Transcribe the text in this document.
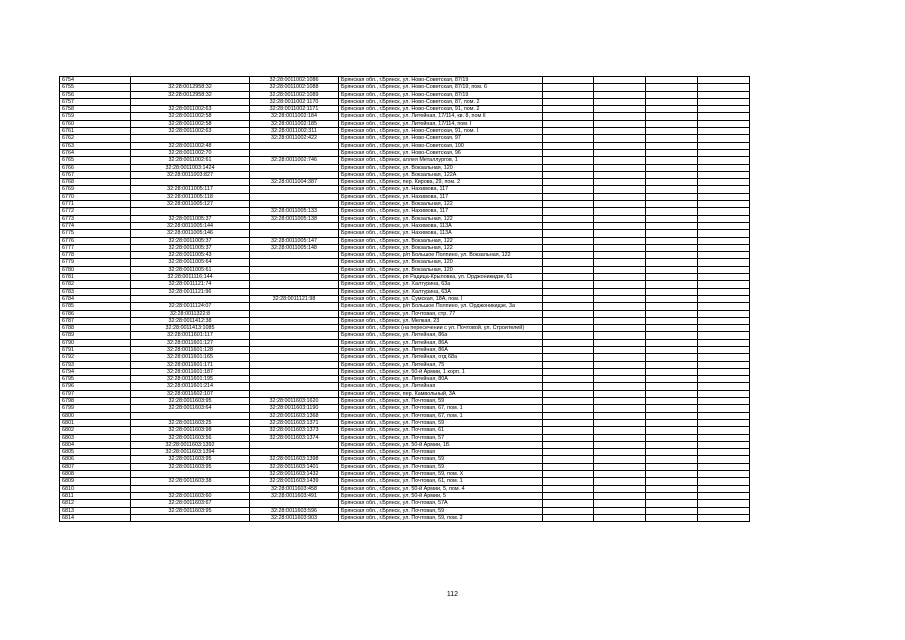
6754		32:28:0011002:1086	Брянская обл., г.Брянск, ул. Ново-Советская, 87/19				
6755	32:28:0012958:32	32:28:0011002:1088	Брянская обл., г.Брянск, ул. Ново-Советская, 87/19, пом. 6				
6756	32:28:0012958:32	32:28:0011002:1089	Брянская обл., г.Брянск, ул. Ново-Советская, 87/19				
6757		32:28:0011002:1170	Брянская обл., г.Брянск, ул. Ново-Советская, 87, пом. 2				
6758	32:28:0011002:63	32:28:0011002:1171	Брянская обл., г.Брянск, ул. Ново-Советская, 91, пом. 2				
6759	32:28:0011002:58	32:28:0011002:184	Брянская обл., г.Брянск, ул. Литейная, 17/114, кв. 8, пом II				
6760	32:28:0011002:58	32:28:0011002:185	Брянская обл., г.Брянск, ул. Литейная, 17/114, пом. I				
6761	32:28:0011002:63	32:28:0011002:311	Брянская обл., г.Брянск, ул. Ново-Советская, 91, пом. I				
6762		32:28:0011002:422	Брянская обл., г.Брянск, ул. Ново-Советская, 97				
6763	32:28:0011002:48		Брянская обл., г.Брянск, ул. Ново-Советская, 100				
6764	32:28:0011002:70		Брянская обл., г.Брянск, ул. Ново-Советская, 96				
6765	32:28:0011002:61	32:28:0011002:746	Брянская обл., г.Брянск, аллея Металлургов, 1				
6766	32:28:0011003:1424		Брянская обл., г.Брянск, ул. Вокзальная, 120				
6767	32:28:0011003:827		Брянская обл., г.Брянск, ул. Вокзальная, 122А				
6768		32:28:0011004:387	Брянская обл., г.Брянск, пер. Кирова, 29, пом. 2				
6769	32:28:0011005:117		Брянская обл., г.Брянск, ул. Нахимова, 117				
6770	32:28:0011005:118		Брянская обл., г.Брянск, ул. Нахимова, 117				
6771	32:28:0011005:127		Брянская обл., г.Брянск, ул. Вокзальная, 122				
6772		32:28:0011005:133	Брянская обл., г.Брянск, ул. Нахимова, 117				
6773	32:28:0011005:37	32:28:0011005:138	Брянская обл., г.Брянск, ул. Вокзальная, 122				
6774	32:28:0011005:144		Брянская обл., г.Брянск, ул. Нахимова, 113А				
6775	32:28:0011005:146		Брянская обл., г.Брянск, ул. Нахимова, 113А				
6776	32:28:0011005:37	32:28:0011005:147	Брянская обл., г.Брянск, ул. Вокзальная, 122				
6777	32:28:0011005:37	32:28:0011005:148	Брянская обл., г.Брянск, ул. Вокзальная, 122				
6778	32:28:0011005:43		Брянская обл., г.Брянск, р/п Большое Полпино, ул. Вокзальная, 122				
6779	32:28:0011005:64		Брянская обл., г.Брянск, ул. Вокзальная, 120				
6780	32:28:0011005:61		Брянская обл., г.Брянск, ул. Вокзальная, 120				
6781	32:28:0011116:144		Брянская обл., г.Брянск, рп Радица-Крыловка, ул. Орджоникидзе, 61				
6782	32:28:0011121:74		Брянская обл., г.Брянск, ул. Халтурина, 63а				
6783	32:28:0011121:96		Брянская обл., г.Брянск, ул. Халтурина, 63А				
6784		32:28:0011121:98	Брянская обл., г.Брянск, ул. Сумская, 18А, пом. I				
6785	32:28:0011124:07		Брянская обл., г.Брянск, р/п Большое Полпино, ул. Орджоникидзе, 3а				
6786	32:28:0011322:8		Брянская обл., г.Брянск, ул. Почтовая, стр. 77				
6787	32:28:0011412:38		Брянская обл., г.Брянск, ул. Мелкая, 23				
6788	32:28:0011413:1085		Брянская обл., г.Брянск (на пересечении с ул. Почтовой, ул. Строителей)				
6789	32:28:0011601:117		Брянская обл., г.Брянск, ул. Литейная, 86а				
6790	32:28:0011601:127		Брянская обл., г.Брянск, ул. Литейная, 86А				
6791	32:28:0011601:128		Брянская обл., г.Брянск, ул. Литейная, 86А				
6792	32:28:0011601:165		Брянская обл., г.Брянск, ул. Литейная, отд 68а				
6793	32:28:0011601:171		Брянская обл., г.Брянск, ул. Литейная, 75				
6794	32:28:0011601:187		Брянская обл., г.Брянск, ул. 50-й Армии, 1 корп. 1				
6795	32:28:0011601:195		Брянская обл., г.Брянск, ул. Литейная, 80А				
6796	32:28:0011601:214		Брянская обл., г.Брянск, ул. Литейная				
6797	32:28:0011602:107		Брянская обл., г.Брянск, пер. Камвольный, 3А				
6798	32:28:0011603:95	32:28:0011603:1620	Брянская обл., г.Брянск, ул. Почтовая, 59				
6799	32:28:0011603:64	32:28:0011603:1190	Брянская обл., г.Брянск, ул. Почтовая, 67, пом. 1				
6800		32:28:0011603:1368	Брянская обл., г.Брянск, ул. Почтовая, 67, пом. 1				
6801	32:28:0011603:25	32:28:0011603:1371	Брянская обл., г.Брянск, ул. Почтовая, 59				
6802	32:28:0011603:98	32:28:0011603:1373	Брянская обл., г.Брянск, ул. Почтовая, 61				
6803	32:28:0011603:56	32:28:0011603:1374	Брянская обл., г.Брянск, ул. Почтовая, 57				
6804	32:28:0011603:1392		Брянская обл., г.Брянск, ул. 50-й Армии, 1Б				
6805	32:28:0011603:1394		Брянская обл., г.Брянск, ул. Почтовая				
6806	32:28:0011603:95	32:28:0011603:1398	Брянская обл., г.Брянск, ул. Почтовая, 59				
6807	32:28:0011603:95	32:28:0011603:1401	Брянская обл., г.Брянск, ул. Почтовая, 59				
6808		32:28:0011603:1432	Брянская обл., г.Брянск, ул. Почтовая, 59, пом. X				
6809	32:28:0011603:38	32:28:0011603:1439	Брянская обл., г.Брянск, ул. Почтовая, 61, пом. 1				
6810		32:28:0011603:458	Брянская обл., г.Брянск, ул. 50-й Армии, 5, пом. 4				
6811	32:28:0011603:60	32:28:0011603:491	Брянская обл., г.Брянск, ул. 50-й Армии, 5				
6812	32:28:0011603:67		Брянская обл., г.Брянск, ул. Почтовая, 57А				
6813	32:28:0011603:95	32:28:0011603:596	Брянская обл., г.Брянск, ул. Почтовая, 59				
6814		32:28:0011603:903	Брянская обл., г.Брянск, ул. Почтовая, 59, пом. 2				
112
